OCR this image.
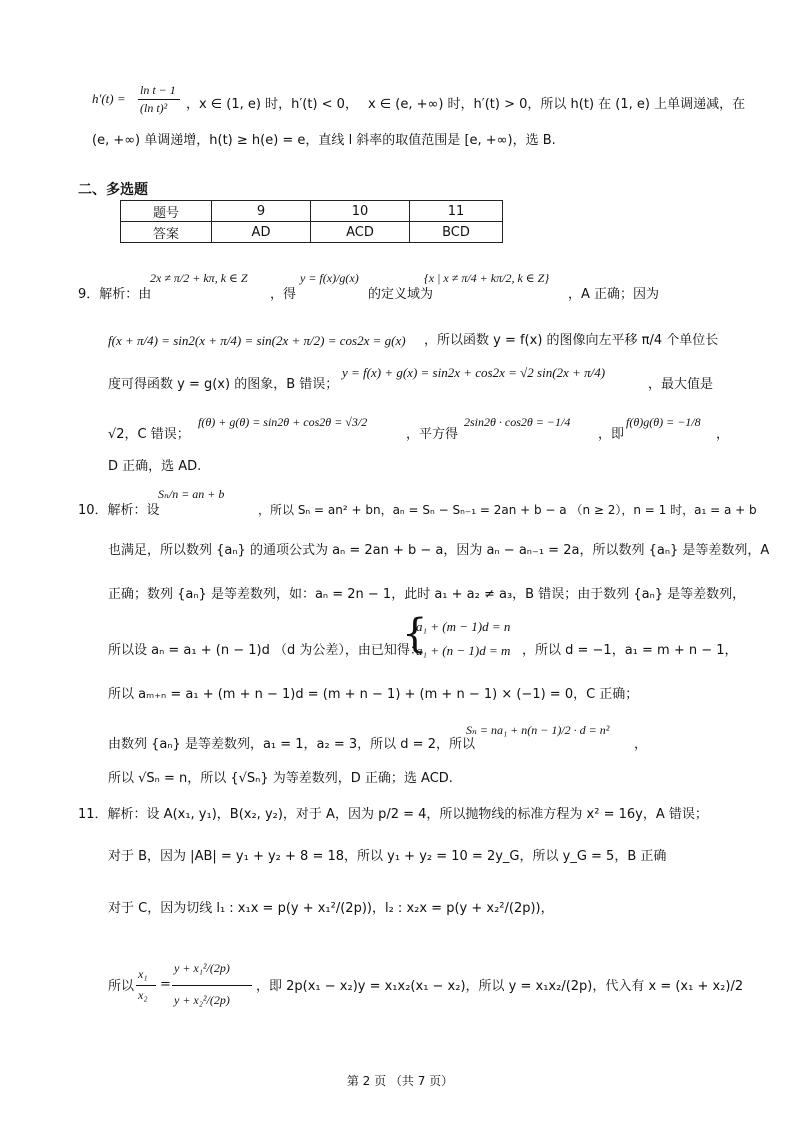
h′(t) =
ln t − 1
(ln t)² ，x ∈ (1, e) 时，h′(t) < 0， x ∈ (e, +∞) 时，h′(t) > 0，所以 h(t) 在 (1, e) 上单调递减，在
(e, +∞) 单调递增，h(t) ≥ h(e) = e，直线 l 斜率的取值范围是 [e, +∞)，选 B.
二、多选题
题号	9	10	11
答案	AD	ACD	BCD
9．解析：由
2x ≠ π/2 + kπ, k ∈ Z
，得
y = f(x)/g(x)
的定义域为
{x | x ≠ π/4 + kπ/2, k ∈ Z}
，A 正确；因为
f(x + π/4) = sin2(x + π/4) = sin(2x + π/2) = cos2x = g(x) ，所以函数 y = f(x) 的图像向左平移 π/4 个单位长
度可得函数 y = g(x) 的图象，B 错误；
y = f(x) + g(x) = sin2x + cos2x = √2 sin(2x + π/4)
，最大值是
√2，C 错误；
f(θ) + g(θ) = sin2θ + cos2θ = √3/2
，平方得
2sin2θ · cos2θ = −1/4
，即
f(θ)g(θ) = −1/8
，
D 正确，选 AD.
10．解析：设
Sₙ/n = an + b
，所以 Sₙ = an² + bn，aₙ = Sₙ − Sₙ₋₁ = 2an + b − a （n ≥ 2），n = 1 时，a₁ = a + b
也满足，所以数列 {aₙ} 的通项公式为 aₙ = 2an + b − a，因为 aₙ − aₙ₋₁ = 2a，所以数列 {aₙ} 是等差数列，A
正确；数列 {aₙ} 是等差数列，如：aₙ = 2n − 1，此时 a₁ + a₂ ≠ a₃，B 错误；由于数列 {aₙ} 是等差数列，
所以设 aₙ = a₁ + (n − 1)d （d 为公差），由已知得：
{
a₁ + (m − 1)d = n
a₁ + (n − 1)d = m ，所以 d = −1，a₁ = m + n − 1，
所以 aₘ₊ₙ = a₁ + (m + n − 1)d = (m + n − 1) + (m + n − 1) × (−1) = 0，C 正确；
由数列 {aₙ} 是等差数列，a₁ = 1，a₂ = 3，所以 d = 2，所以
Sₙ = na₁ + n(n − 1)/2 · d = n²
，
所以 √Sₙ = n，所以 {√Sₙ} 为等差数列，D 正确；选 ACD.
11．解析：设 A(x₁, y₁)，B(x₂, y₂)，对于 A，因为 p/2 = 4，所以抛物线的标准方程为 x² = 16y，A 错误；
对于 B，因为 |AB| = y₁ + y₂ + 8 = 18，所以 y₁ + y₂ = 10 = 2y_G，所以 y_G = 5，B 正确
对于 C，因为切线 l₁ : x₁x = p(y + x₁²/(2p))，l₂ : x₂x = p(y + x₂²/(2p))，
所以
x₁
x₂
=
y + x₁²/(2p)
y + x₂²/(2p)
，即 2p(x₁ − x₂)y = x₁x₂(x₁ − x₂)，所以 y = x₁x₂/(2p)，代入有 x = (x₁ + x₂)/2
第 2 页 （共 7 页）
